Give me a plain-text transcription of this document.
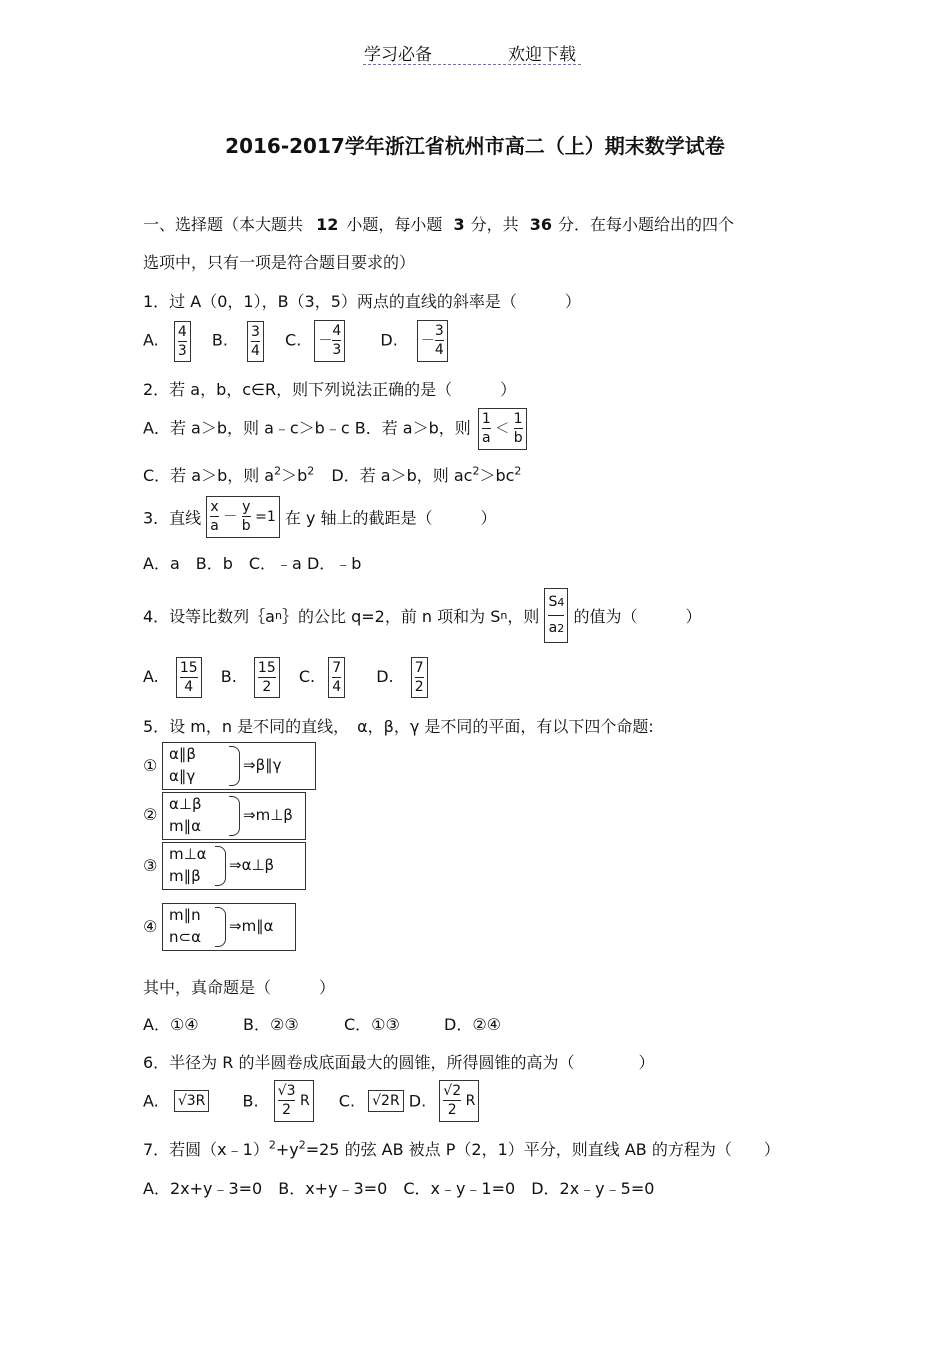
学习必备	欢迎下载
2016-2017学年浙江省杭州市高二（上）期末数学试卷
一、选择题（本大题共 12 小题，每小题 3 分，共 36 分．在每小题给出的四个
选项中，只有一项是符合题目要求的）
1．过 A（0，1），B（3，5）两点的直线的斜率是（　　　）
A. $\frac{4}{3} B$. $\frac{3}{4} C$. － $\frac{4}{3} D$. － $\frac{3}{4}$
2．若 a，b，c∈R，则下列说法正确的是（　　　）
A．若 a＞b，则 a﹣c＞b﹣c B．若 a＞b，则 $\frac{1}{a} < \frac{1}{b}$
C．若 a＞b，则 $a^2>b^2$ D．若 a＞b，则 $ac^2>bc^2$
3．直线 $\frac{x}{a} - \frac{y}{b} =1$ 在 y 轴上的截距是（　　　）
A．a　B．b　C．﹣a D．﹣b
4．设等比数列｛an｝的公比 q=2，前 n 项和为 Sn，则 $\frac{S4}{a2}$ 的值为（　　　）
A. $\frac{15}{4} B$. $\frac{15}{2} C$. $\frac{7}{4} D$. $\frac{7}{2}$
5．设 m，n 是不同的直线，　α，β，γ 是不同的平面，有以下四个命题:
①
α∥β
α∥γ
⇒β∥γ
②
α⊥β
m∥α
⇒m⊥β
③
m⊥α
m∥β
⇒α⊥β
④
m∥n
n⊂α
⇒m∥α
其中，真命题是（　　　）
A．①④	B．②③	C．①③	D．②④
6．半径为 R 的半圆卷成底面最大的圆锥，所得圆锥的高为（　　　　）
A. √3R B. $\frac{√3}{2}$ R C. √2R D. $\frac{√2}{2}$ R
7．若圆$(x﹣1)^2+y^2=25$ 的弦 AB 被点 P（2，1）平分，则直线 AB 的方程为（　　）
A．2x+y﹣3=0　B．x+y﹣3=0　C．x﹣y﹣1=0　D．2x﹣y﹣5=0
